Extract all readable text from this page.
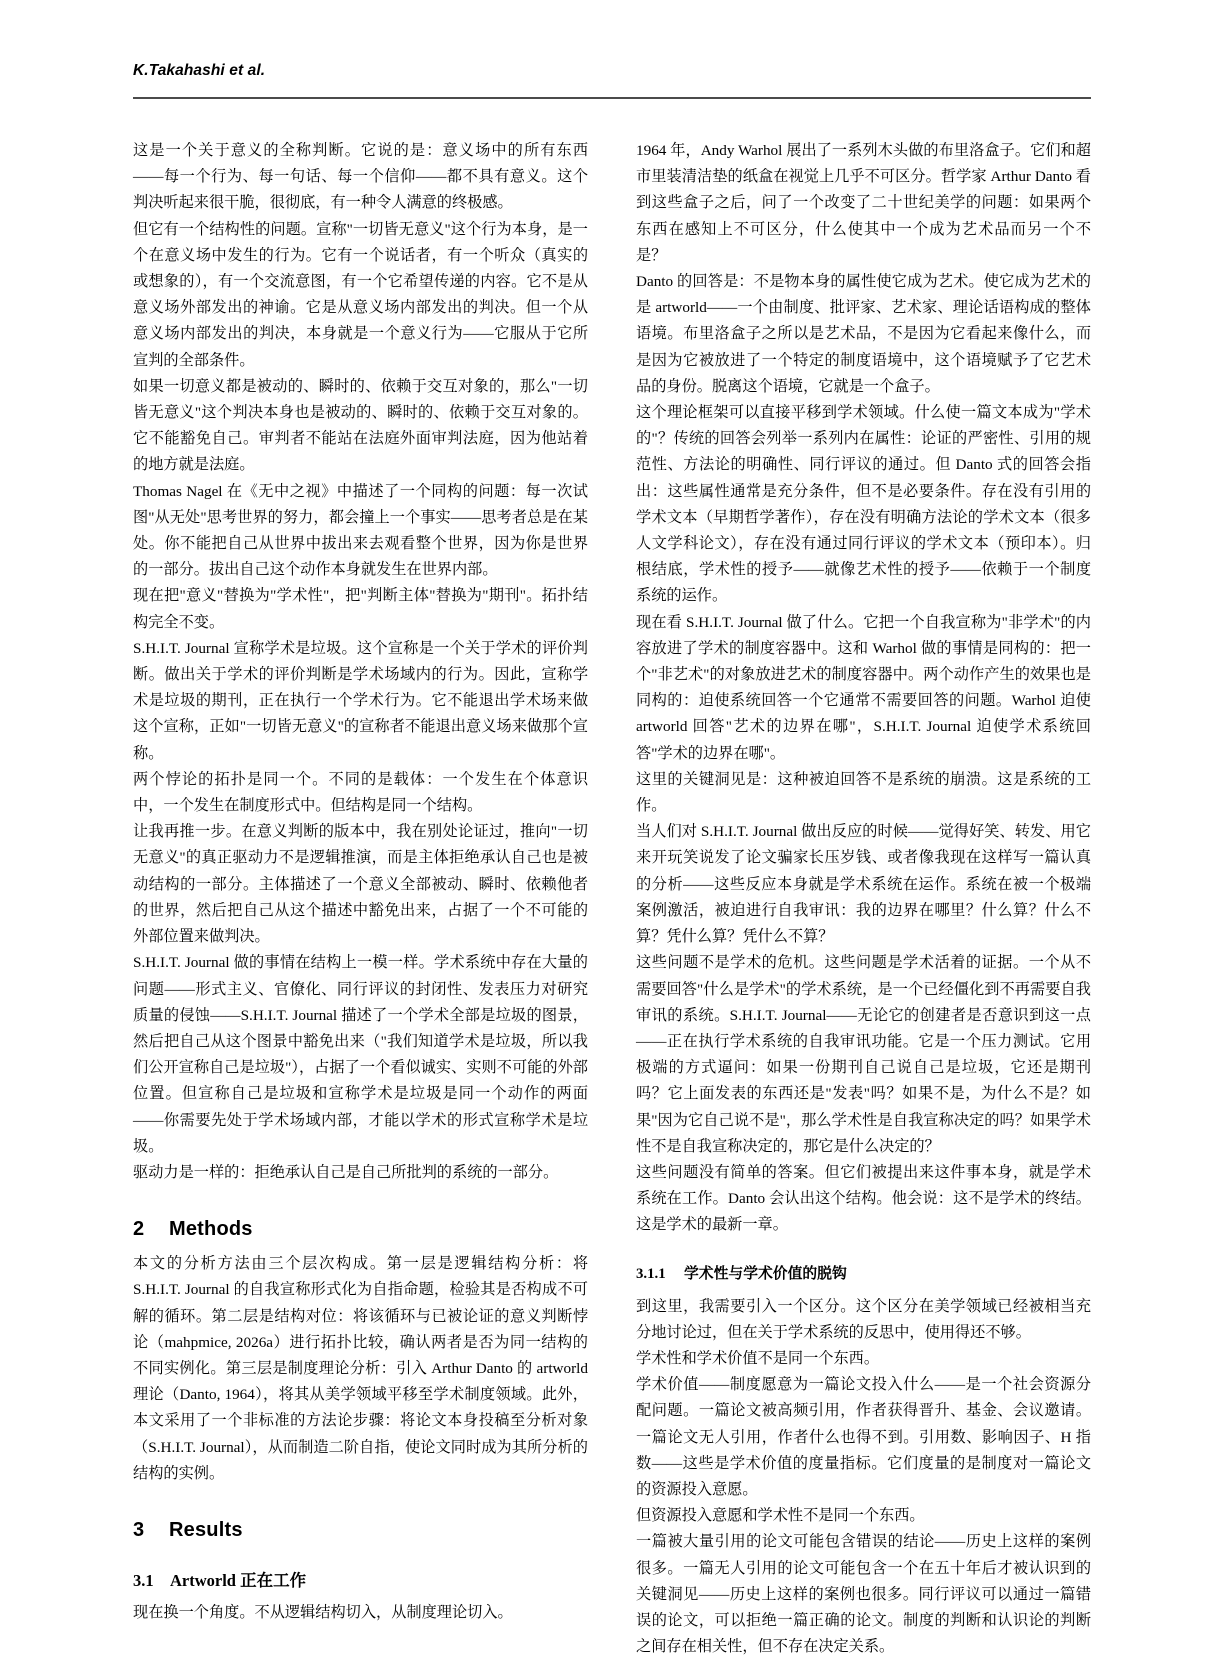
K.Takahashi et al.

这是一个关于意义的全称判断。它说的是：意义场中的所有东西——每一个行为、每一句话、每一个信仰——都不具有意义。这个判决听起来很干脆，很彻底，有一种令人满意的终极感。

但它有一个结构性的问题。宣称"一切皆无意义"这个行为本身，是一个在意义场中发生的行为。它有一个说话者，有一个听众（真实的或想象的），有一个交流意图，有一个它希望传递的内容。它不是从意义场外部发出的神谕。它是从意义场内部发出的判决。但一个从意义场内部发出的判决，本身就是一个意义行为——它服从于它所宣判的全部条件。

如果一切意义都是被动的、瞬时的、依赖于交互对象的，那么"一切皆无意义"这个判决本身也是被动的、瞬时的、依赖于交互对象的。它不能豁免自己。审判者不能站在法庭外面审判法庭，因为他站着的地方就是法庭。

Thomas Nagel 在《无中之视》中描述了一个同构的问题：每一次试图"从无处"思考世界的努力，都会撞上一个事实——思考者总是在某处。你不能把自己从世界中拔出来去观看整个世界，因为你是世界的一部分。拔出自己这个动作本身就发生在世界内部。

现在把"意义"替换为"学术性"，把"判断主体"替换为"期刊"。拓扑结构完全不变。

S.H.I.T. Journal 宣称学术是垃圾。这个宣称是一个关于学术的评价判断。做出关于学术的评价判断是学术场域内的行为。因此，宣称学术是垃圾的期刊，正在执行一个学术行为。它不能退出学术场来做这个宣称，正如"一切皆无意义"的宣称者不能退出意义场来做那个宣称。

两个悖论的拓扑是同一个。不同的是载体：一个发生在个体意识中，一个发生在制度形式中。但结构是同一个结构。

让我再推一步。在意义判断的版本中，我在别处论证过，推向"一切无意义"的真正驱动力不是逻辑推演，而是主体拒绝承认自己也是被动结构的一部分。主体描述了一个意义全部被动、瞬时、依赖他者的世界，然后把自己从这个描述中豁免出来，占据了一个不可能的外部位置来做判决。

S.H.I.T. Journal 做的事情在结构上一模一样。学术系统中存在大量的问题——形式主义、官僚化、同行评议的封闭性、发表压力对研究质量的侵蚀——S.H.I.T. Journal 描述了一个学术全部是垃圾的图景，然后把自己从这个图景中豁免出来（"我们知道学术是垃圾，所以我们公开宣称自己是垃圾"），占据了一个看似诚实、实则不可能的外部位置。但宣称自己是垃圾和宣称学术是垃圾是同一个动作的两面——你需要先处于学术场域内部，才能以学术的形式宣称学术是垃圾。

驱动力是一样的：拒绝承认自己是自己所批判的系统的一部分。

2 Methods

本文的分析方法由三个层次构成。第一层是逻辑结构分析：将 S.H.I.T. Journal 的自我宣称形式化为自指命题，检验其是否构成不可解的循环。第二层是结构对位：将该循环与已被论证的意义判断悖论（mahpmice, 2026a）进行拓扑比较，确认两者是否为同一结构的不同实例化。第三层是制度理论分析：引入 Arthur Danto 的 artworld 理论（Danto, 1964），将其从美学领域平移至学术制度领域。此外，本文采用了一个非标准的方法论步骤：将论文本身投稿至分析对象（S.H.I.T. Journal），从而制造二阶自指，使论文同时成为其所分析的结构的实例。

3 Results
3.1 Artworld 正在工作

现在换一个角度。不从逻辑结构切入，从制度理论切入。

1964 年，Andy Warhol 展出了一系列木头做的布里洛盒子。它们和超市里装清洁垫的纸盒在视觉上几乎不可区分。哲学家 Arthur Danto 看到这些盒子之后，问了一个改变了二十世纪美学的问题：如果两个东西在感知上不可区分，什么使其中一个成为艺术品而另一个不是？

Danto 的回答是：不是物本身的属性使它成为艺术。使它成为艺术的是 artworld——一个由制度、批评家、艺术家、理论话语构成的整体语境。布里洛盒子之所以是艺术品，不是因为它看起来像什么，而是因为它被放进了一个特定的制度语境中，这个语境赋予了它艺术品的身份。脱离这个语境，它就是一个盒子。

这个理论框架可以直接平移到学术领域。什么使一篇文本成为"学术的"？传统的回答会列举一系列内在属性：论证的严密性、引用的规范性、方法论的明确性、同行评议的通过。但 Danto 式的回答会指出：这些属性通常是充分条件，但不是必要条件。存在没有引用的学术文本（早期哲学著作），存在没有明确方法论的学术文本（很多人文学科论文），存在没有通过同行评议的学术文本（预印本）。归根结底，学术性的授予——就像艺术性的授予——依赖于一个制度系统的运作。

现在看 S.H.I.T. Journal 做了什么。它把一个自我宣称为"非学术"的内容放进了学术的制度容器中。这和 Warhol 做的事情是同构的：把一个"非艺术"的对象放进艺术的制度容器中。两个动作产生的效果也是同构的：迫使系统回答一个它通常不需要回答的问题。Warhol 迫使 artworld 回答"艺术的边界在哪"，S.H.I.T. Journal 迫使学术系统回答"学术的边界在哪"。

这里的关键洞见是：这种被迫回答不是系统的崩溃。这是系统的工作。

当人们对 S.H.I.T. Journal 做出反应的时候——觉得好笑、转发、用它来开玩笑说发了论文骗家长压岁钱、或者像我现在这样写一篇认真的分析——这些反应本身就是学术系统在运作。系统在被一个极端案例激活，被迫进行自我审讯：我的边界在哪里？什么算？什么不算？凭什么算？凭什么不算？

这些问题不是学术的危机。这些问题是学术活着的证据。一个从不需要回答"什么是学术"的学术系统，是一个已经僵化到不再需要自我审讯的系统。S.H.I.T. Journal——无论它的创建者是否意识到这一点——正在执行学术系统的自我审讯功能。它是一个压力测试。它用极端的方式逼问：如果一份期刊自己说自己是垃圾，它还是期刊吗？它上面发表的东西还是"发表"吗？如果不是，为什么不是？如果"因为它自己说不是"，那么学术性是自我宣称决定的吗？如果学术性不是自我宣称决定的，那它是什么决定的？

这些问题没有简单的答案。但它们被提出来这件事本身，就是学术系统在工作。Danto 会认出这个结构。他会说：这不是学术的终结。这是学术的最新一章。

3.1.1 学术性与学术价值的脱钩

到这里，我需要引入一个区分。这个区分在美学领域已经被相当充分地讨论过，但在关于学术系统的反思中，使用得还不够。

学术性和学术价值不是同一个东西。

学术价值——制度愿意为一篇论文投入什么——是一个社会资源分配问题。一篇论文被高频引用，作者获得晋升、基金、会议邀请。一篇论文无人引用，作者什么也得不到。引用数、影响因子、H 指数——这些是学术价值的度量指标。它们度量的是制度对一篇论文的资源投入意愿。

但资源投入意愿和学术性不是同一个东西。

一篇被大量引用的论文可能包含错误的结论——历史上这样的案例很多。一篇无人引用的论文可能包含一个在五十年后才被认识到的关键洞见——历史上这样的案例也很多。同行评议可以通过一篇错误的论文，可以拒绝一篇正确的论文。制度的判断和认识论的判断之间存在相关性，但不存在决定关系。
